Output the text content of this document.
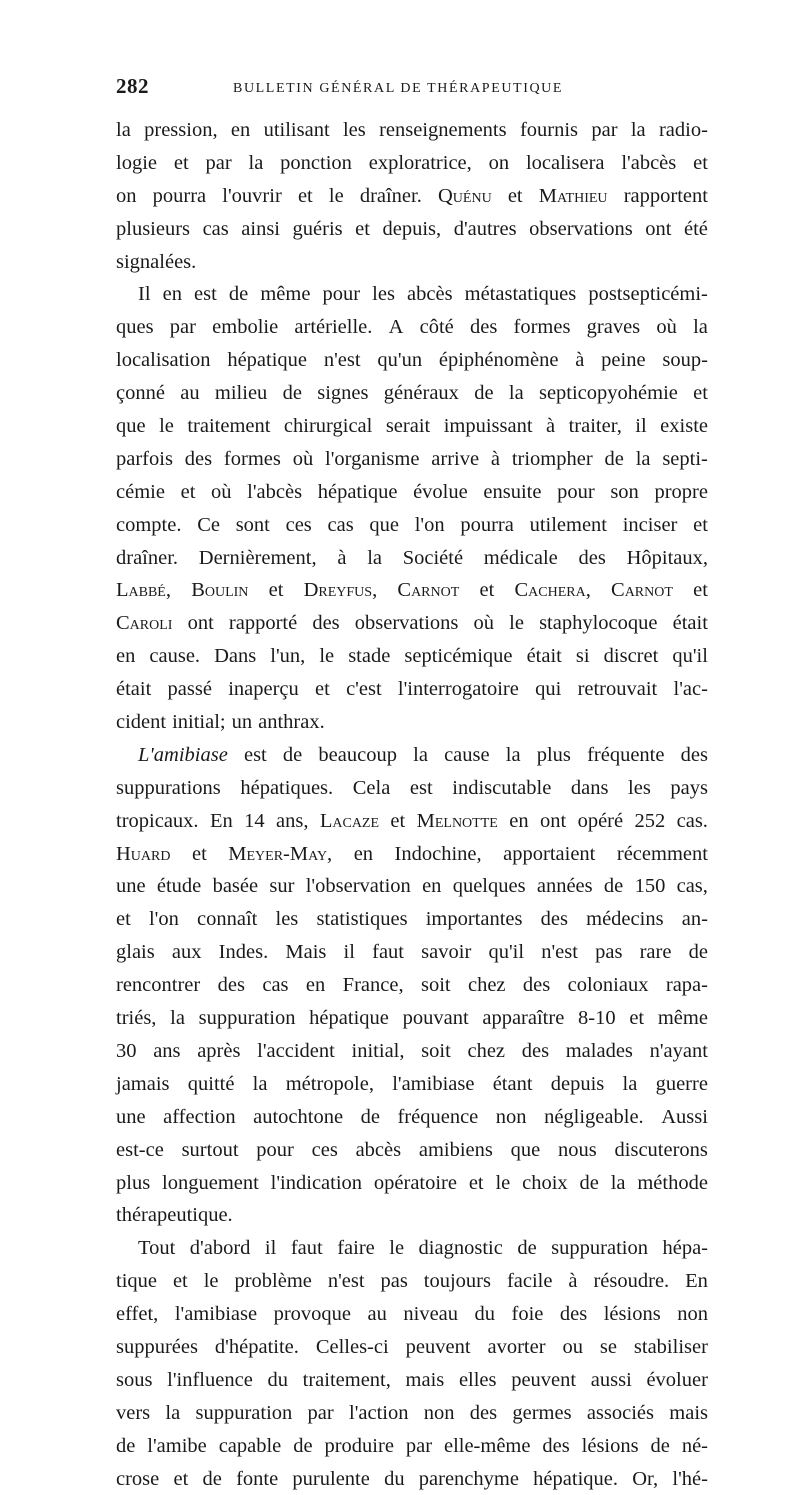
282	BULLETIN GÉNÉRAL DE THÉRAPEUTIQUE
la pression, en utilisant les renseignements fournis par la radio-
logie et par la ponction exploratrice, on localisera l'abcès et
on pourra l'ouvrir et le draîner. Quénu et Mathieu rapportent
plusieurs cas ainsi guéris et depuis, d'autres observations ont été
signalées.
Il en est de même pour les abcès métastatiques postsepticémi-
ques par embolie artérielle. A côté des formes graves où la
localisation hépatique n'est qu'un épiphénomène à peine soup-
çonné au milieu de signes généraux de la septicopyohémie et
que le traitement chirurgical serait impuissant à traiter, il existe
parfois des formes où l'organisme arrive à triompher de la septi-
cémie et où l'abcès hépatique évolue ensuite pour son propre
compte. Ce sont ces cas que l'on pourra utilement inciser et
draîner. Dernièrement, à la Société médicale des Hôpitaux,
Labbé, Boulin et Dreyfus, Carnot et Cachera, Carnot et
Caroli ont rapporté des observations où le staphylocoque était
en cause. Dans l'un, le stade septicémique était si discret qu'il
était passé inaperçu et c'est l'interrogatoire qui retrouvait l'ac-
cident initial; un anthrax.
L'amibiase est de beaucoup la cause la plus fréquente des
suppurations hépatiques. Cela est indiscutable dans les pays
tropicaux. En 14 ans, Lacaze et Melnotte en ont opéré 252 cas.
Huard et Meyer-May, en Indochine, apportaient récemment
une étude basée sur l'observation en quelques années de 150 cas,
et l'on connaît les statistiques importantes des médecins an-
glais aux Indes. Mais il faut savoir qu'il n'est pas rare de
rencontrer des cas en France, soit chez des coloniaux rapa-
triés, la suppuration hépatique pouvant apparaître 8-10 et même
30 ans après l'accident initial, soit chez des malades n'ayant
jamais quitté la métropole, l'amibiase étant depuis la guerre
une affection autochtone de fréquence non négligeable. Aussi
est-ce surtout pour ces abcès amibiens que nous discuterons
plus longuement l'indication opératoire et le choix de la méthode
thérapeutique.
Tout d'abord il faut faire le diagnostic de suppuration hépa-
tique et le problème n'est pas toujours facile à résoudre. En
effet, l'amibiase provoque au niveau du foie des lésions non
suppurées d'hépatite. Celles-ci peuvent avorter ou se stabiliser
sous l'influence du traitement, mais elles peuvent aussi évoluer
vers la suppuration par l'action non des germes associés mais
de l'amibe capable de produire par elle-même des lésions de né-
crose et de fonte purulente du parenchyme hépatique. Or, l'hé-
